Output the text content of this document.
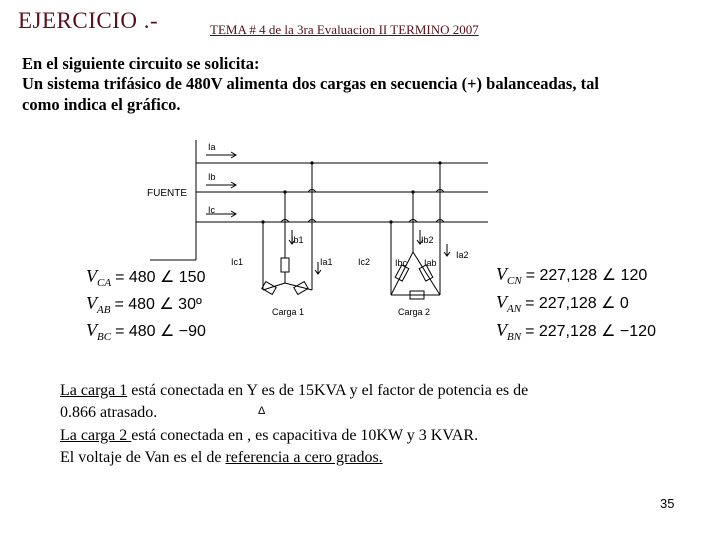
EJERCICIO .-	TEMA # 4 de la 3ra Evaluacion II TERMINO 2007
En el siguiente circuito se solicita:
Un sistema trifásico de 480V alimenta dos cargas en secuencia (+) balanceadas, tal
como indica el gráfico.
FUENTE
Ia
Ib
Ic
Ib1
Ic1	Ia1
Carga 1
Ib2
Ia2
Ic2	Ibc Iab
Carga 2
$V_{CA} = 480$ ∠ 150
$V_{AB} = 480$ ∠ 30º
$V_{BC} = 480$ ∠ −90
$V_{CN} = 227,128$ ∠ 120
$V_{AN} = 227,128$ ∠ 0
$V_{BN} = 227,128$ ∠ −120
La carga 1 está conectada en Y es de 15KVA y el factor de potencia es de
0.866 atrasado.	Δ
La carga 2 está conectada en , es capacitiva de 10KW y 3 KVAR.
El voltaje de Van es el de referencia a cero grados.
35
